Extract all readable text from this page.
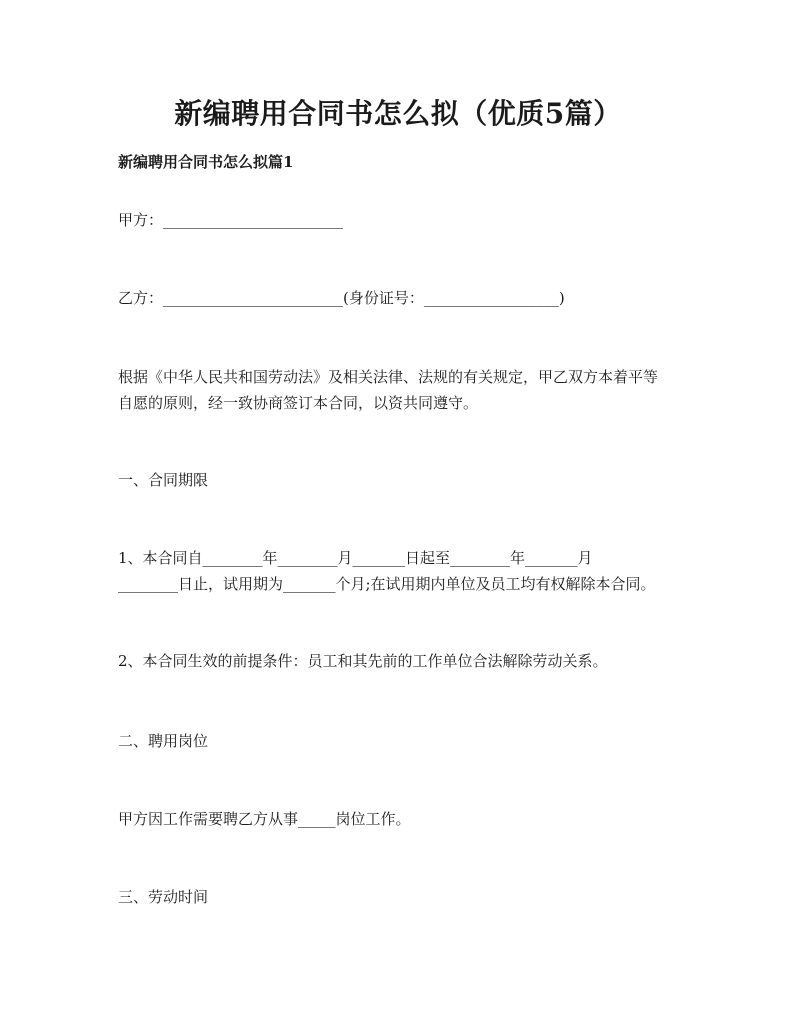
新编聘用合同书怎么拟（优质5篇）
新编聘用合同书怎么拟篇1
甲方：________________________
乙方：________________________(身份证号：__________________)
根据《中华人民共和国劳动法》及相关法律、法规的有关规定，甲乙双方本着平等
自愿的原则，经一致协商签订本合同，以资共同遵守。
一、合同期限
1、本合同自________年________月_______日起至________年_______月
________日止，试用期为_______个月;在试用期内单位及员工均有权解除本合同。
2、本合同生效的前提条件：员工和其先前的工作单位合法解除劳动关系。
二、聘用岗位
甲方因工作需要聘乙方从事_____岗位工作。
三、劳动时间
